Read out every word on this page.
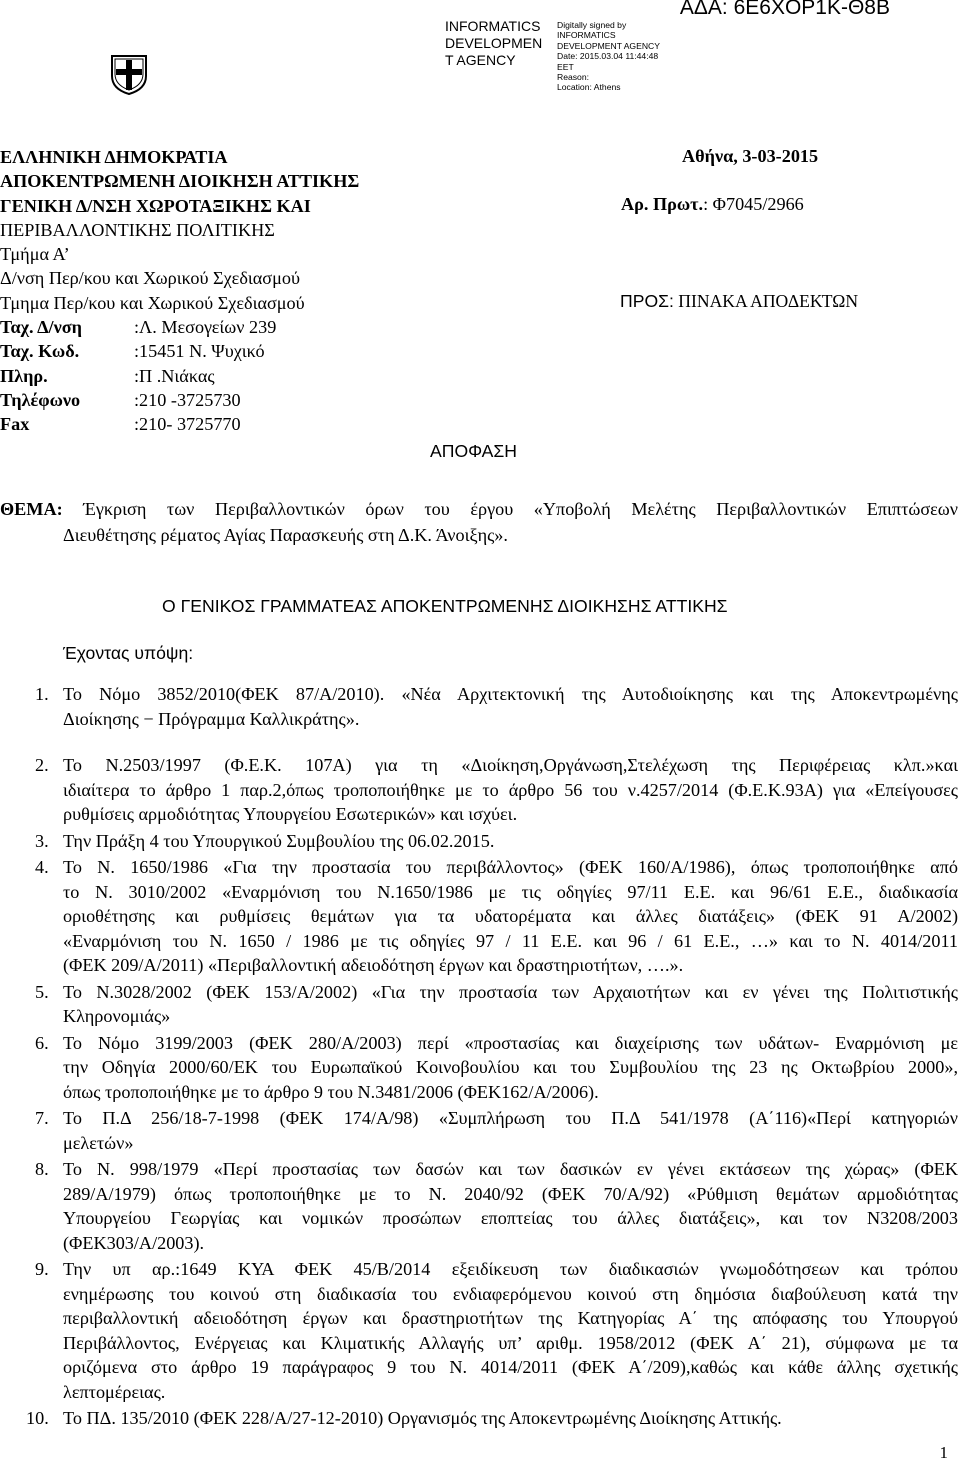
INFORMATICS
DEVELOPMEN
T AGENCY
Digitally signed by
INFORMATICS
DEVELOPMENT AGENCY
Date: 2015.03.04 11:44:48
EET
Reason:
Location: Athens
ΑΔΑ: 6Ε6ΧΟΡ1Κ-Θ8Β
ΕΛΛΗΝΙΚΗ ΔΗΜΟΚΡΑΤΙΑ
ΑΠΟΚΕΝΤΡΩΜΕΝΗ ΔΙΟΙΚΗΣΗ ΑΤΤΙΚΗΣ
ΓΕΝΙΚΗ Δ/ΝΣΗ ΧΩΡΟΤΑΞΙΚΗΣ ΚΑΙ
ΠΕΡΙΒΑΛΛΟΝΤΙΚΗΣ ΠΟΛΙΤΙΚΗΣ
Τμήμα Α’
Δ/νση Περ/κου και Χωρικού Σχεδιασμού
Τμημα Περ/κου και Χωρικού Σχεδιασμού
Ταχ. Δ/νση	:Λ. Μεσογείων 239
Ταχ. Κωδ.	:15451 Ν. Ψυχικό
Πληρ.	:Π .Νιάκας
Τηλέφωνο	:210 -3725730
Fax	:210- 3725770
Αθήνα, 3-03-2015
Αρ. Πρωτ.: Φ7045/2966
ΠΡΟΣ: ΠΙΝΑΚΑ ΑΠΟΔΕΚΤΩΝ
ΑΠΟΦΑΣΗ
ΘΕΜΑ: Έγκριση των Περιβαλλοντικών όρων του έργου «Υποβολή Μελέτης Περιβαλλοντικών Επιπτώσεων
Διευθέτησης ρέματος Αγίας Παρασκευής στη Δ.Κ. Άνοιξης».
Ο ΓΕΝΙΚΟΣ ΓΡΑΜΜΑΤΕΑΣ ΑΠΟΚΕΝΤΡΩΜΕΝΗΣ ΔΙΟΙΚΗΣΗΣ ΑΤΤΙΚΗΣ
Έχοντας υπόψη:
1. Το Νόμο 3852/2010(ΦΕΚ 87/Α/2010). «Νέα Αρχιτεκτονική της Αυτοδιοίκησης και της Αποκεντρωμένης
Διοίκησης − Πρόγραμμα Καλλικράτης».
2. Το Ν.2503/1997 (Φ.Ε.Κ. 107Α) για τη «Διοίκηση,Οργάνωση,Στελέχωση της Περιφέρειας κλπ.»και
ιδιαίτερα το άρθρο 1 παρ.2,όπως τροποποιήθηκε με το άρθρο 56 του ν.4257/2014 (Φ.Ε.Κ.93Α) για «Επείγουσες
ρυθμίσεις αρμοδιότητας Υπουργείου Εσωτερικών» και ισχύει.
3. Την Πράξη 4 του Υπουργικού Συμβουλίου της 06.02.2015.
4. Το Ν. 1650/1986 «Για την προστασία του περιβάλλοντος» (ΦΕΚ 160/Α/1986), όπως τροποποιήθηκε από
το Ν. 3010/2002 «Εναρμόνιση του Ν.1650/1986 με τις οδηγίες 97/11 Ε.Ε. και 96/61 Ε.Ε., διαδικασία
οριοθέτησης και ρυθμίσεις θεμάτων για τα υδατορέματα και άλλες διατάξεις» (ΦΕΚ 91 Α/2002)
«Εναρμόνιση του Ν. 1650 / 1986 με τις οδηγίες 97 / 11 Ε.Ε. και 96 / 61 Ε.Ε., …» και το Ν. 4014/2011
(ΦΕΚ 209/Α/2011) «Περιβαλλοντική αδειοδότηση έργων και δραστηριοτήτων, ….».
5. Το Ν.3028/2002 (ΦΕΚ 153/Α/2002) «Για την προστασία των Αρχαιοτήτων και εν γένει της Πολιτιστικής
Κληρονομιάς»
6. Το Νόμο 3199/2003 (ΦΕΚ 280/Α/2003) περί «προστασίας και διαχείρισης των υδάτων- Εναρμόνιση με
την Οδηγία 2000/60/ΕΚ του Ευρωπαϊκού Κοινοβουλίου και του Συμβουλίου της 23 ης Οκτωβρίου 2000»,
όπως τροποποιήθηκε με το άρθρο 9 του Ν.3481/2006 (ΦΕΚ162/Α/2006).
7. Το Π.Δ 256/18-7-1998 (ΦΕΚ 174/Α/98) «Συμπλήρωση του Π.Δ 541/1978 (Α΄116)«Περί κατηγοριών
μελετών»
8. Το Ν. 998/1979 «Περί προστασίας των δασών και των δασικών εν γένει εκτάσεων της χώρας» (ΦΕΚ
289/Α/1979) όπως τροποποιήθηκε με το Ν. 2040/92 (ΦΕΚ 70/Α/92) «Ρύθμιση θεμάτων αρμοδιότητας
Υπουργείου Γεωργίας και νομικών προσώπων εποπτείας του άλλες διατάξεις», και τον Ν3208/2003
(ΦΕΚ303/Α/2003).
9. Την υπ αρ.:1649 ΚΥΑ ΦΕΚ 45/Β/2014 εξειδίκευση των διαδικασιών γνωμοδότησεων και τρόπου
ενημέρωσης του κοινού στη διαδικασία του ενδιαφερόμενου κοινού στη δημόσια διαβούλευση κατά την
περιβαλλοντική αδειοδότηση έργων και δραστηριοτήτων της Κατηγορίας Α΄ της απόφασης του Υπουργού
Περιβάλλοντος, Ενέργειας και Κλιματικής Αλλαγής υπ’ αριθμ. 1958/2012 (ΦΕΚ Α΄ 21), σύμφωνα με τα
οριζόμενα στο άρθρο 19 παράγραφος 9 του Ν. 4014/2011 (ΦΕΚ Α΄/209),καθώς και κάθε άλλης σχετικής
λεπτομέρειας.
10. Το ΠΔ. 135/2010 (ΦΕΚ 228/Α/27-12-2010) Οργανισμός της Αποκεντρωμένης Διοίκησης Αττικής.
1
